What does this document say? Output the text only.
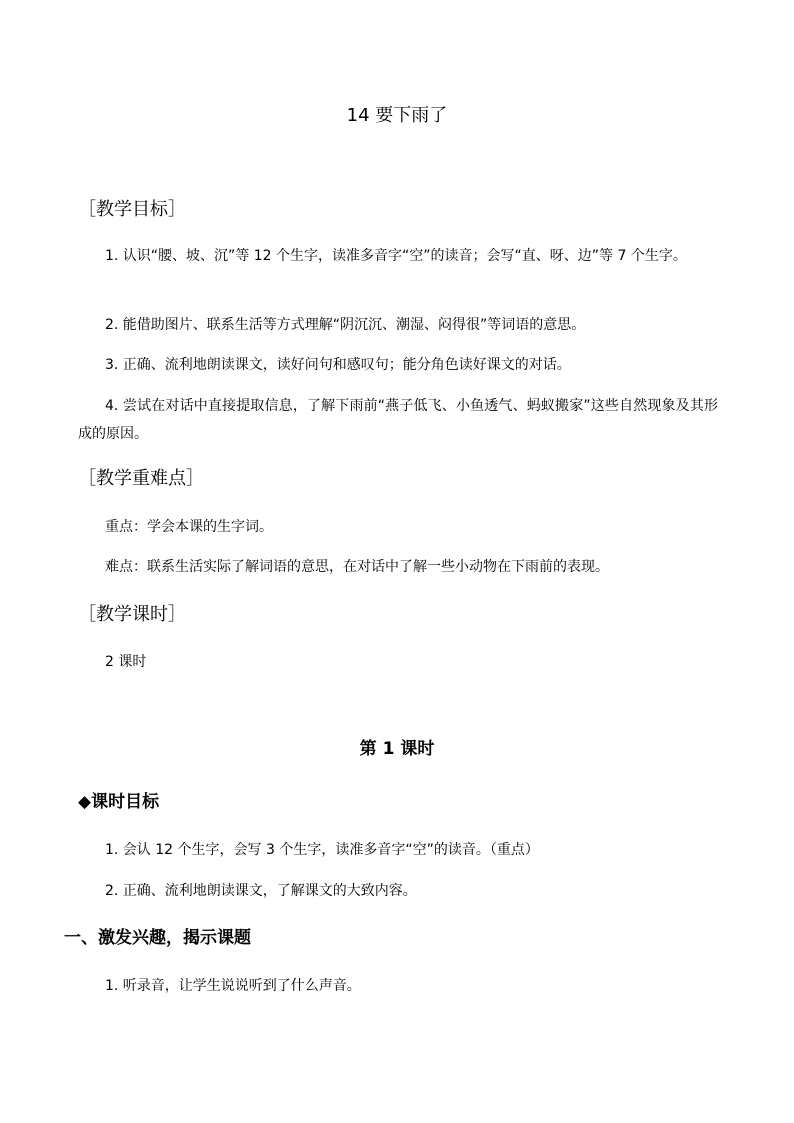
14 要下雨了
［教学目标］
1. 认识“腰、坡、沉”等 12 个生字，读准多音字“空”的读音；会写“直、呀、边”等 7 个生字。
2. 能借助图片、联系生活等方式理解“阴沉沉、潮湿、闷得很”等词语的意思。
3. 正确、流利地朗读课文，读好问句和感叹句；能分角色读好课文的对话。
4. 尝试在对话中直接提取信息，了解下雨前“燕子低飞、小鱼透气、蚂蚁搬家”这些自然现象及其形成的原因。
［教学重难点］
重点：学会本课的生字词。
难点：联系生活实际了解词语的意思，在对话中了解一些小动物在下雨前的表现。
［教学课时］
2 课时
第 1 课时
◆课时目标
1. 会认 12 个生字，会写 3 个生字，读准多音字“空”的读音。（重点）
2. 正确、流利地朗读课文，了解课文的大致内容。
一、激发兴趣，揭示课题
1. 听录音，让学生说说听到了什么声音。
